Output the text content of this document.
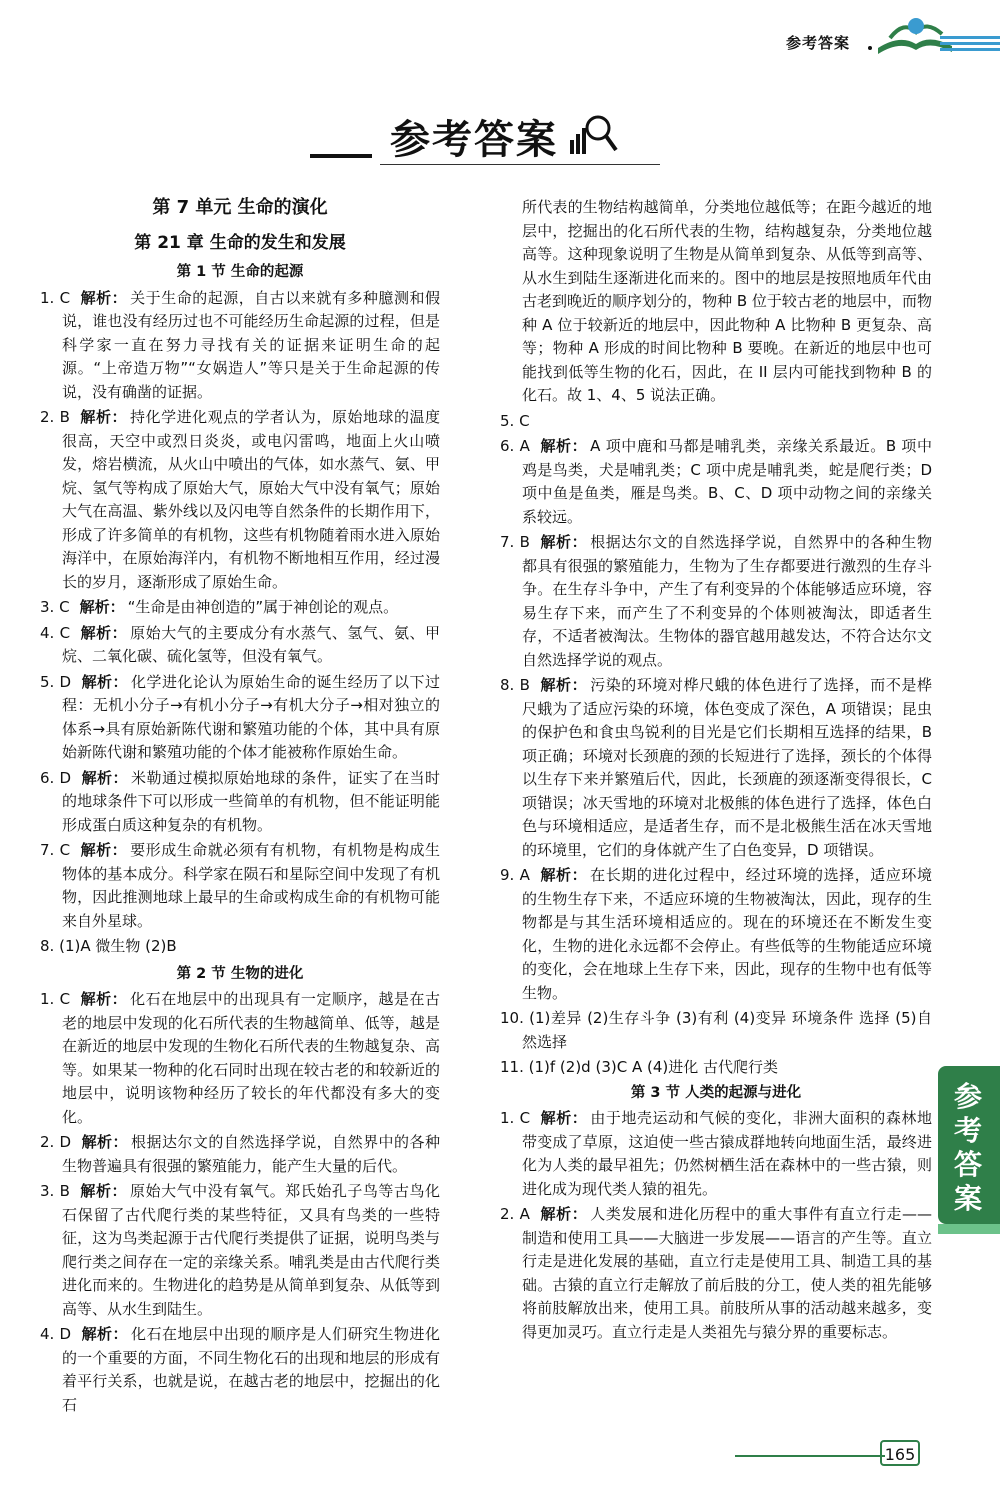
参考答案
参考答案
第 7 单元 生命的演化
第 21 章 生命的发生和发展
第 1 节 生命的起源
1. C 解析： 关于生命的起源，自古以来就有多种臆测和假说，谁也没有经历过也不可能经历生命起源的过程，但是科学家一直在努力寻找有关的证据来证明生命的起源。“上帝造万物”“女娲造人”等只是关于生命起源的传说，没有确凿的证据。
2. B 解析： 持化学进化观点的学者认为，原始地球的温度很高，天空中或烈日炎炎，或电闪雷鸣，地面上火山喷发，熔岩横流，从火山中喷出的气体，如水蒸气、氨、甲烷、氢气等构成了原始大气，原始大气中没有氧气；原始大气在高温、紫外线以及闪电等自然条件的长期作用下，形成了许多简单的有机物，这些有机物随着雨水进入原始海洋中，在原始海洋内，有机物不断地相互作用，经过漫长的岁月，逐渐形成了原始生命。
3. C 解析： “生命是由神创造的”属于神创论的观点。
4. C 解析： 原始大气的主要成分有水蒸气、氢气、氨、甲烷、二氧化碳、硫化氢等，但没有氧气。
5. D 解析： 化学进化论认为原始生命的诞生经历了以下过程：无机小分子→有机小分子→有机大分子→相对独立的体系→具有原始新陈代谢和繁殖功能的个体，其中具有原始新陈代谢和繁殖功能的个体才能被称作原始生命。
6. D 解析： 米勒通过模拟原始地球的条件，证实了在当时的地球条件下可以形成一些简单的有机物，但不能证明能形成蛋白质这种复杂的有机物。
7. C 解析： 要形成生命就必须有有机物，有机物是构成生物体的基本成分。科学家在陨石和星际空间中发现了有机物，因此推测地球上最早的生命或构成生命的有机物可能来自外星球。
8. (1)A 微生物 (2)B
第 2 节 生物的进化
1. C 解析： 化石在地层中的出现具有一定顺序，越是在古老的地层中发现的化石所代表的生物越简单、低等，越是在新近的地层中发现的生物化石所代表的生物越复杂、高等。如果某一物种的化石同时出现在较古老的和较新近的地层中，说明该物种经历了较长的年代都没有多大的变化。
2. D 解析： 根据达尔文的自然选择学说，自然界中的各种生物普遍具有很强的繁殖能力，能产生大量的后代。
3. B 解析： 原始大气中没有氧气。郑氏始孔子鸟等古鸟化石保留了古代爬行类的某些特征，又具有鸟类的一些特征，这为鸟类起源于古代爬行类提供了证据，说明鸟类与爬行类之间存在一定的亲缘关系。哺乳类是由古代爬行类进化而来的。生物进化的趋势是从简单到复杂、从低等到高等、从水生到陆生。
4. D 解析： 化石在地层中出现的顺序是人们研究生物进化的一个重要的方面，不同生物化石的出现和地层的形成有着平行关系，也就是说，在越古老的地层中，挖掘出的化石
所代表的生物结构越简单，分类地位越低等；在距今越近的地层中，挖掘出的化石所代表的生物，结构越复杂，分类地位越高等。这种现象说明了生物是从简单到复杂、从低等到高等、从水生到陆生逐渐进化而来的。图中的地层是按照地质年代由古老到晚近的顺序划分的，物种 B 位于较古老的地层中，而物种 A 位于较新近的地层中，因此物种 A 比物种 B 更复杂、高等；物种 A 形成的时间比物种 B 要晚。在新近的地层中也可能找到低等生物的化石，因此，在 II 层内可能找到物种 B 的化石。故 1、4、5 说法正确。
5. C
6. A 解析： A 项中鹿和马都是哺乳类，亲缘关系最近。B 项中鸡是鸟类，犬是哺乳类；C 项中虎是哺乳类，蛇是爬行类；D 项中鱼是鱼类，雁是鸟类。B、C、D 项中动物之间的亲缘关系较远。
7. B 解析： 根据达尔文的自然选择学说，自然界中的各种生物都具有很强的繁殖能力，生物为了生存都要进行激烈的生存斗争。在生存斗争中，产生了有利变异的个体能够适应环境，容易生存下来，而产生了不利变异的个体则被淘汰，即适者生存，不适者被淘汰。生物体的器官越用越发达，不符合达尔文自然选择学说的观点。
8. B 解析： 污染的环境对桦尺蛾的体色进行了选择，而不是桦尺蛾为了适应污染的环境，体色变成了深色，A 项错误；昆虫的保护色和食虫鸟锐利的目光是它们长期相互选择的结果，B 项正确；环境对长颈鹿的颈的长短进行了选择，颈长的个体得以生存下来并繁殖后代，因此，长颈鹿的颈逐渐变得很长，C 项错误；冰天雪地的环境对北极熊的体色进行了选择，体色白色与环境相适应，是适者生存，而不是北极熊生活在冰天雪地的环境里，它们的身体就产生了白色变异，D 项错误。
9. A 解析： 在长期的进化过程中，经过环境的选择，适应环境的生物生存下来，不适应环境的生物被淘汰，因此，现存的生物都是与其生活环境相适应的。现在的环境还在不断发生变化，生物的进化永远都不会停止。有些低等的生物能适应环境的变化，会在地球上生存下来，因此，现存的生物中也有低等生物。
10. (1)差异 (2)生存斗争 (3)有利 (4)变异 环境条件 选择 (5)自然选择
11. (1)f (2)d (3)C A (4)进化 古代爬行类
第 3 节 人类的起源与进化
1. C 解析： 由于地壳运动和气候的变化，非洲大面积的森林地带变成了草原，这迫使一些古猿成群地转向地面生活，最终进化为人类的最早祖先；仍然树栖生活在森林中的一些古猿，则进化成为现代类人猿的祖先。
2. A 解析： 人类发展和进化历程中的重大事件有直立行走——制造和使用工具——大脑进一步发展——语言的产生等。直立行走是进化发展的基础，直立行走是使用工具、制造工具的基础。古猿的直立行走解放了前后肢的分工，使人类的祖先能够将前肢解放出来，使用工具。前肢所从事的活动越来越多，变得更加灵巧。直立行走是人类祖先与猿分界的重要标志。
参考答案
165
